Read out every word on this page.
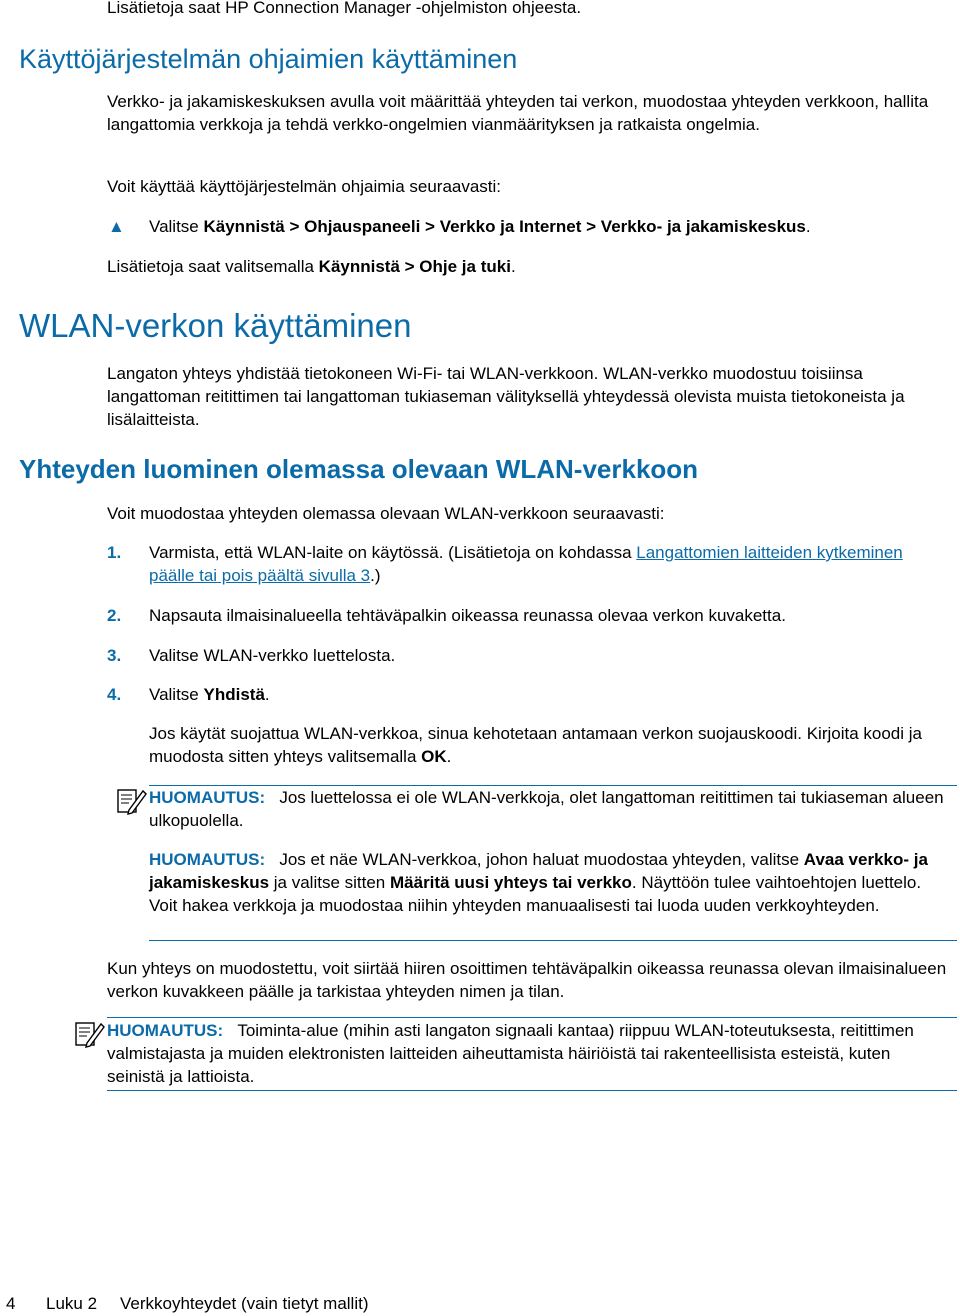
Lisätietoja saat HP Connection Manager -ohjelmiston ohjeesta.

Käyttöjärjestelmän ohjaimien käyttäminen

Verkko- ja jakamiskeskuksen avulla voit määrittää yhteyden tai verkon, muodostaa yhteyden verkkoon, hallita langattomia verkkoja ja tehdä verkko-ongelmien vianmäärityksen ja ratkaista ongelmia.

Voit käyttää käyttöjärjestelmän ohjaimia seuraavasti:

▲ Valitse Käynnistä > Ohjauspaneeli > Verkko ja Internet > Verkko- ja jakamiskeskus.

Lisätietoja saat valitsemalla Käynnistä > Ohje ja tuki.

WLAN-verkon käyttäminen

Langaton yhteys yhdistää tietokoneen Wi-Fi- tai WLAN-verkkoon. WLAN-verkko muodostuu toisiinsa langattoman reitittimen tai langattoman tukiaseman välityksellä yhteydessä olevista muista tietokoneista ja lisälaitteista.

Yhteyden luominen olemassa olevaan WLAN-verkkoon

Voit muodostaa yhteyden olemassa olevaan WLAN-verkkoon seuraavasti:

1. Varmista, että WLAN-laite on käytössä. (Lisätietoja on kohdassa Langattomien laitteiden kytkeminen päälle tai pois päältä sivulla 3.)

2. Napsauta ilmaisinalueella tehtäväpalkin oikeassa reunassa olevaa verkon kuvaketta.

3. Valitse WLAN-verkko luettelosta.

4. Valitse Yhdistä.

Jos käytät suojattua WLAN-verkkoa, sinua kehotetaan antamaan verkon suojauskoodi. Kirjoita koodi ja muodosta sitten yhteys valitsemalla OK.

HUOMAUTUS: Jos luettelossa ei ole WLAN-verkkoja, olet langattoman reitittimen tai tukiaseman alueen ulkopuolella.

HUOMAUTUS: Jos et näe WLAN-verkkoa, johon haluat muodostaa yhteyden, valitse Avaa verkko- ja jakamiskeskus ja valitse sitten Määritä uusi yhteys tai verkko. Näyttöön tulee vaihtoehtojen luettelo. Voit hakea verkkoja ja muodostaa niihin yhteyden manuaalisesti tai luoda uuden verkkoyhteyden.

Kun yhteys on muodostettu, voit siirtää hiiren osoittimen tehtäväpalkin oikeassa reunassa olevan ilmaisinalueen verkon kuvakkeen päälle ja tarkistaa yhteyden nimen ja tilan.

HUOMAUTUS: Toiminta-alue (mihin asti langaton signaali kantaa) riippuu WLAN-toteutuksesta, reitittimen valmistajasta ja muiden elektronisten laitteiden aiheuttamista häiriöistä tai rakenteellisista esteistä, kuten seinistä ja lattioista.

4 Luku 2 Verkkoyhteydet (vain tietyt mallit)
